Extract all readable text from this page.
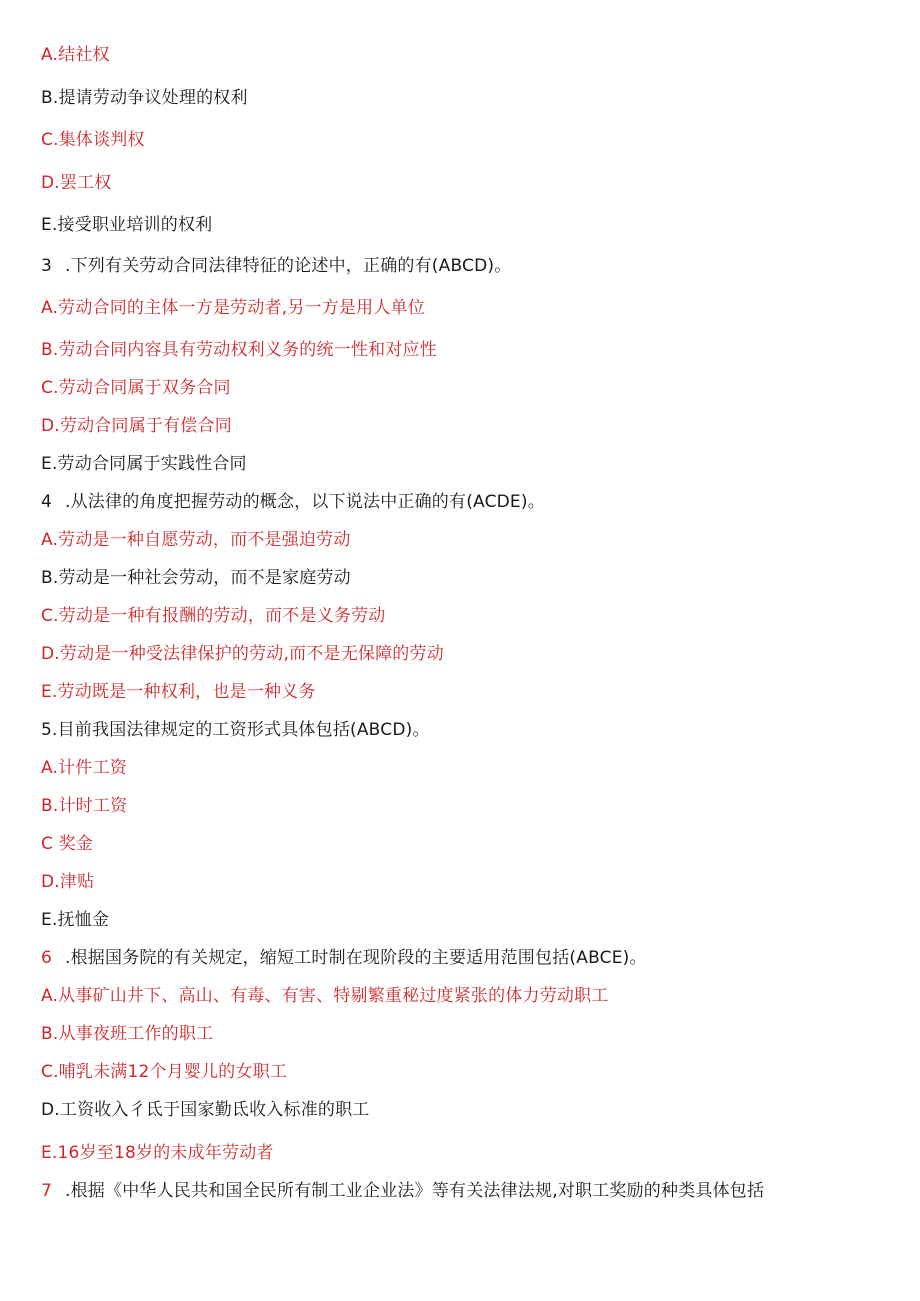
A.结社权
B.提请劳动争议处理的权利
C.集体谈判权
D.罢工权
E.接受职业培训的权利
3 .下列有关劳动合同法律特征的论述中，正确的有(ABCD)。
A.劳动合同的主体一方是劳动者,另一方是用人单位
B.劳动合同内容具有劳动权利义务的统一性和对应性
C.劳动合同属于双务合同
D.劳动合同属于有偿合同
E.劳动合同属于实践性合同
4 .从法律的角度把握劳动的概念，以下说法中正确的有(ACDE)。
A.劳动是一种自愿劳动，而不是强迫劳动
B.劳动是一种社会劳动，而不是家庭劳动
C.劳动是一种有报酬的劳动，而不是义务劳动
D.劳动是一种受法律保护的劳动,而不是无保障的劳动
E.劳动既是一种权利，也是一种义务
5.目前我国法律规定的工资形式具体包括(ABCD)。
A.计件工资
B.计时工资
C 奖金
D.津贴
E.抚恤金
6 .根据国务院的有关规定，缩短工时制在现阶段的主要适用范围包括(ABCE)。
A.从事矿山井下、高山、有毒、有害、特剔繁重秘过度紧张的体力劳动职工
B.从事夜班工作的职工
C.哺乳未满12个月婴儿的女职工
D.工资收入彳氐于国家勤氐收入标准的职工
E.16岁至18岁的未成年劳动者
7 .根据《中华人民共和国全民所有制工业企业法》等有关法律法规,对职工奖励的种类具体包括
